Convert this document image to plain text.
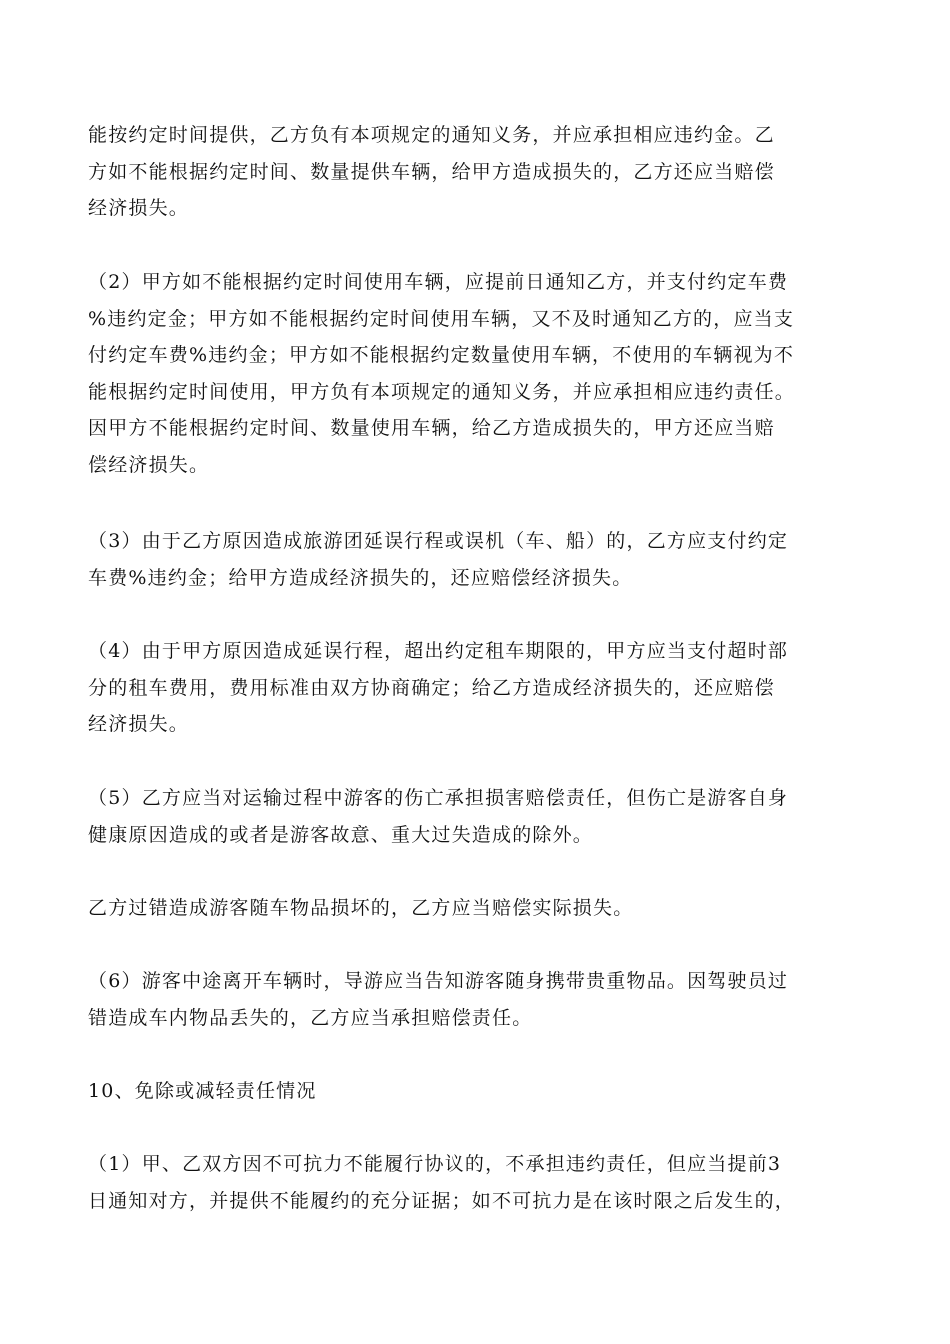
能按约定时间提供，乙方负有本项规定的通知义务，并应承担相应违约金。乙
方如不能根据约定时间、数量提供车辆，给甲方造成损失的，乙方还应当赔偿
经济损失。
（2）甲方如不能根据约定时间使用车辆，应提前日通知乙方，并支付约定车费
%违约定金；甲方如不能根据约定时间使用车辆，又不及时通知乙方的，应当支
付约定车费%违约金；甲方如不能根据约定数量使用车辆，不使用的车辆视为不
能根据约定时间使用，甲方负有本项规定的通知义务，并应承担相应违约责任。
因甲方不能根据约定时间、数量使用车辆，给乙方造成损失的，甲方还应当赔
偿经济损失。
（3）由于乙方原因造成旅游团延误行程或误机（车、船）的，乙方应支付约定
车费%违约金；给甲方造成经济损失的，还应赔偿经济损失。
（4）由于甲方原因造成延误行程，超出约定租车期限的，甲方应当支付超时部
分的租车费用，费用标准由双方协商确定；给乙方造成经济损失的，还应赔偿
经济损失。
（5）乙方应当对运输过程中游客的伤亡承担损害赔偿责任，但伤亡是游客自身
健康原因造成的或者是游客故意、重大过失造成的除外。
乙方过错造成游客随车物品损坏的，乙方应当赔偿实际损失。
（6）游客中途离开车辆时，导游应当告知游客随身携带贵重物品。因驾驶员过
错造成车内物品丢失的，乙方应当承担赔偿责任。
10、免除或减轻责任情况
（1）甲、乙双方因不可抗力不能履行协议的，不承担违约责任，但应当提前3
日通知对方，并提供不能履约的充分证据；如不可抗力是在该时限之后发生的，
